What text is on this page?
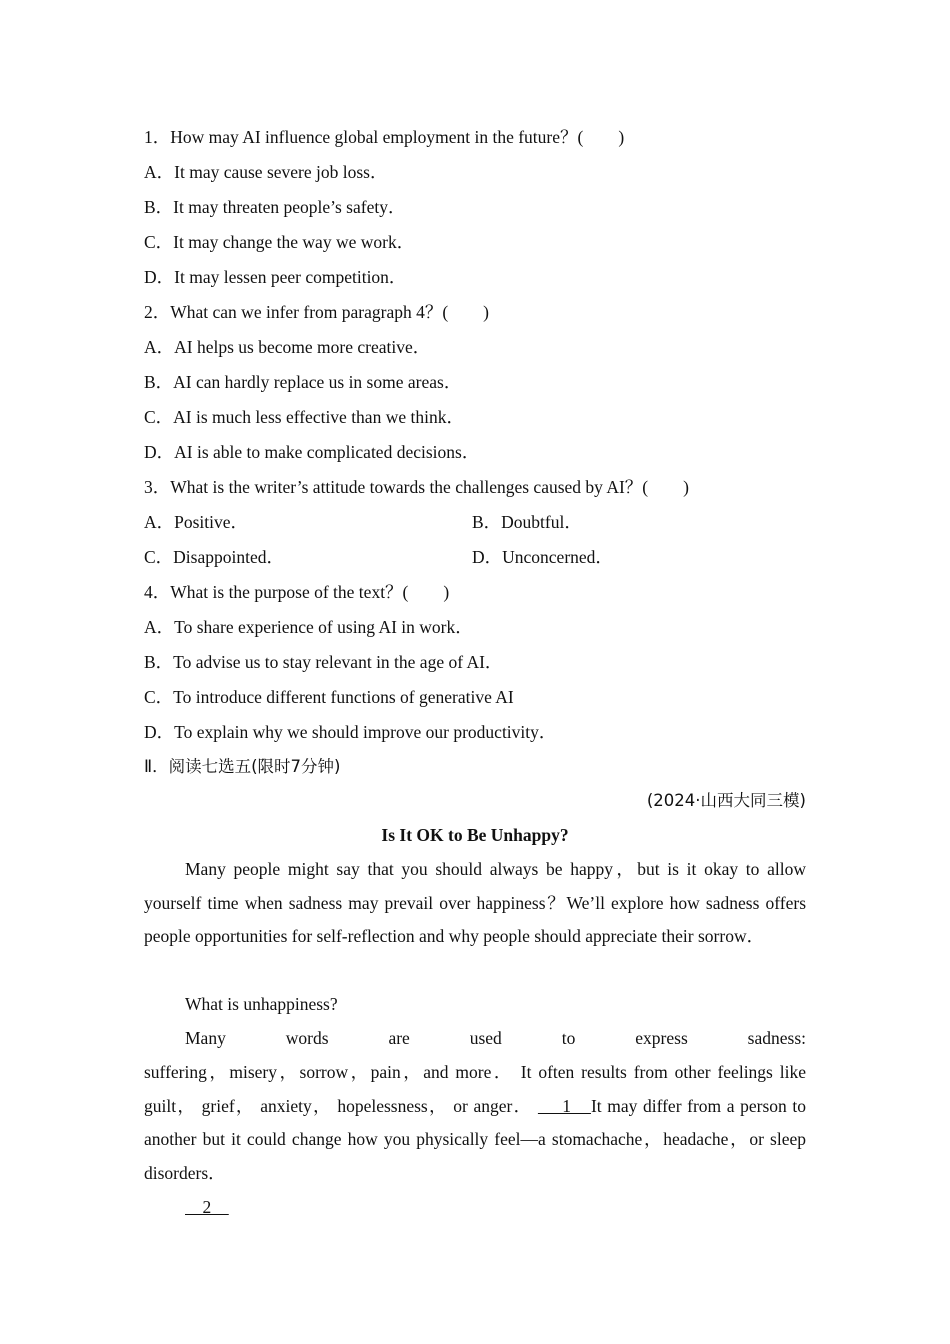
1．How may AI influence global employment in the future？(　　)
A．It may cause severe job loss．
B．It may threaten people’s safety．
C．It may change the way we work．
D．It may lessen peer competition．
2．What can we infer from paragraph 4？(　　)
A．AI helps us become more creative．
B．AI can hardly replace us in some areas．
C．AI is much less effective than we think．
D．AI is able to make complicated decisions．
3．What is the writer’s attitude towards the challenges caused by AI？(　　)
A．Positive．	B．Doubtful．
C．Disappointed．	D．Unconcerned．
4．What is the purpose of the text？(　　)
A．To share experience of using AI in work．
B．To advise us to stay relevant in the age of AI．
C．To introduce different functions of generative AI
D．To explain why we should improve our productivity．
Ⅱ．阅读七选五(限时7分钟)
(2024·山西大同三模)
Is It OK to Be Unhappy?
Many people might say that you should always be happy，but is it okay to allow yourself time when sadness may prevail over happiness？We’ll explore how sadness offers people opportunities for self-reflection and why people should appreciate their sorrow．
What is unhappiness?
Many words are used to express sadness:
suffering，misery，sorrow，pain，and more． It often results from other feelings like guilt， grief， anxiety， hopelessness， or anger． 　 1　It may differ from a person to another but it could change how you physically feel—a stomachache，headache，or sleep disorders．
　2　
